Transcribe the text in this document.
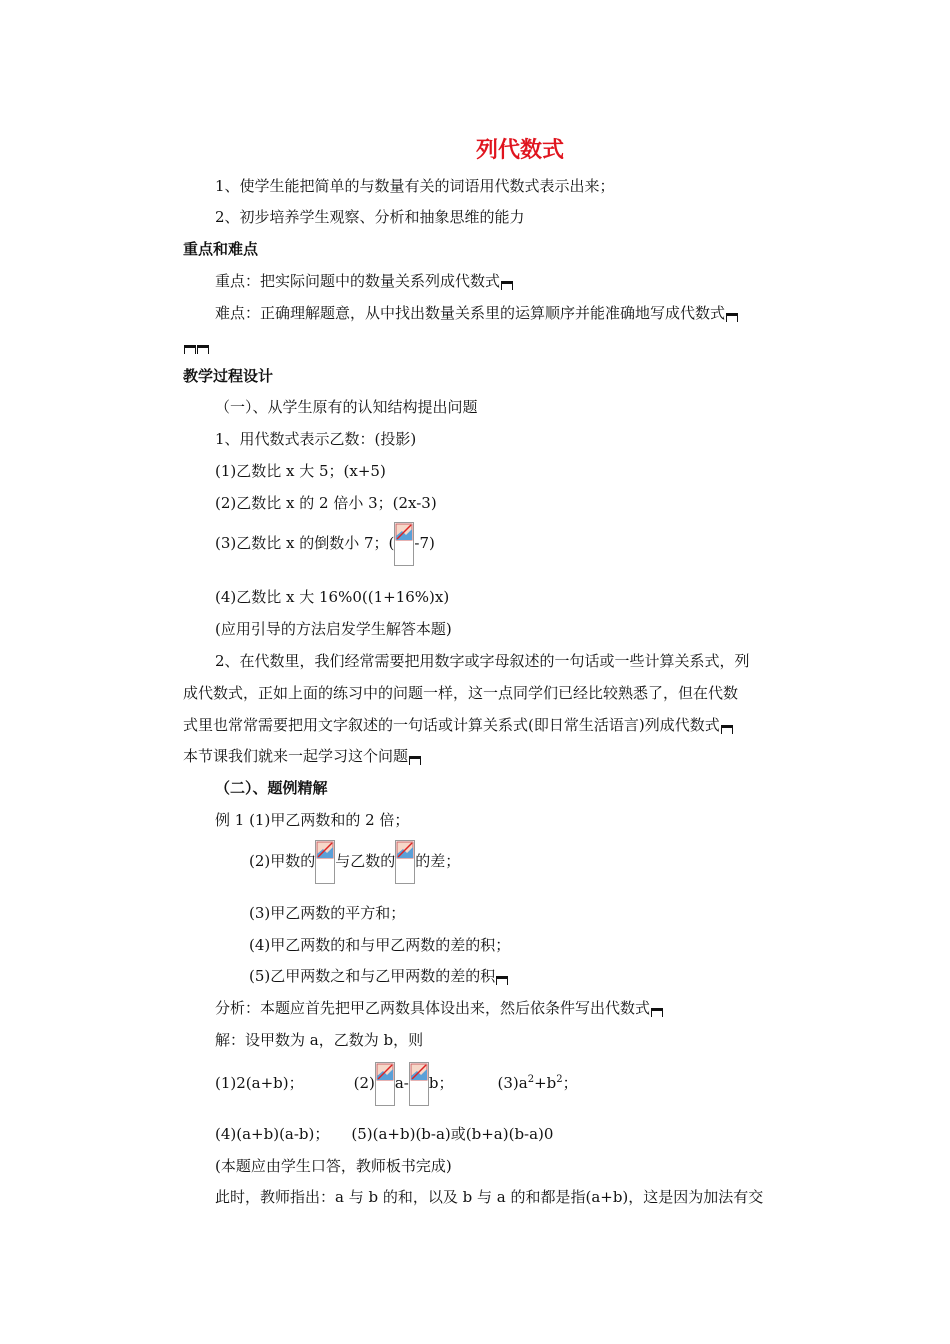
列代数式
1、使学生能把简单的与数量有关的词语用代数式表示出来；
2、初步培养学生观察、分析和抽象思维的能力
重点和难点
重点：把实际问题中的数量关系列成代数式
难点：正确理解题意，从中找出数量关系里的运算顺序并能准确地写成代数式
教学过程设计
（一）、从学生原有的认知结构提出问题
1、用代数式表示乙数：(投影)
(1)乙数比 x 大 5；(x+5)
(2)乙数比 x 的 2 倍小 3；(2x-3)
(3)乙数比 x 的倒数小 7；( -7)
(4)乙数比 x 大 16%0((1+16%)x)
(应用引导的方法启发学生解答本题)
2、在代数里，我们经常需要把用数字或字母叙述的一句话或一些计算关系式，列
成代数式，正如上面的练习中的问题一样，这一点同学们已经比较熟悉了，但在代数
式里也常常需要把用文字叙述的一句话或计算关系式(即日常生活语言)列成代数式
本节课我们就来一起学习这个问题
（二）、题例精解
例 1 (1)甲乙两数和的 2 倍；
(2)甲数的 与乙数的 的差；
(3)甲乙两数的平方和；
(4)甲乙两数的和与甲乙两数的差的积；
(5)乙甲两数之和与乙甲两数的差的积
分析：本题应首先把甲乙两数具体设出来，然后依条件写出代数式
解：设甲数为 a，乙数为 b，则
(1)2(a+b)；	(2) a- b；	$(3)a^2+b^2$；
(4)(a+b)(a-b)； (5)(a+b)(b-a)或(b+a)(b-a)0
(本题应由学生口答，教师板书完成)
此时，教师指出：a 与 b 的和，以及 b 与 a 的和都是指(a+b)，这是因为加法有交
